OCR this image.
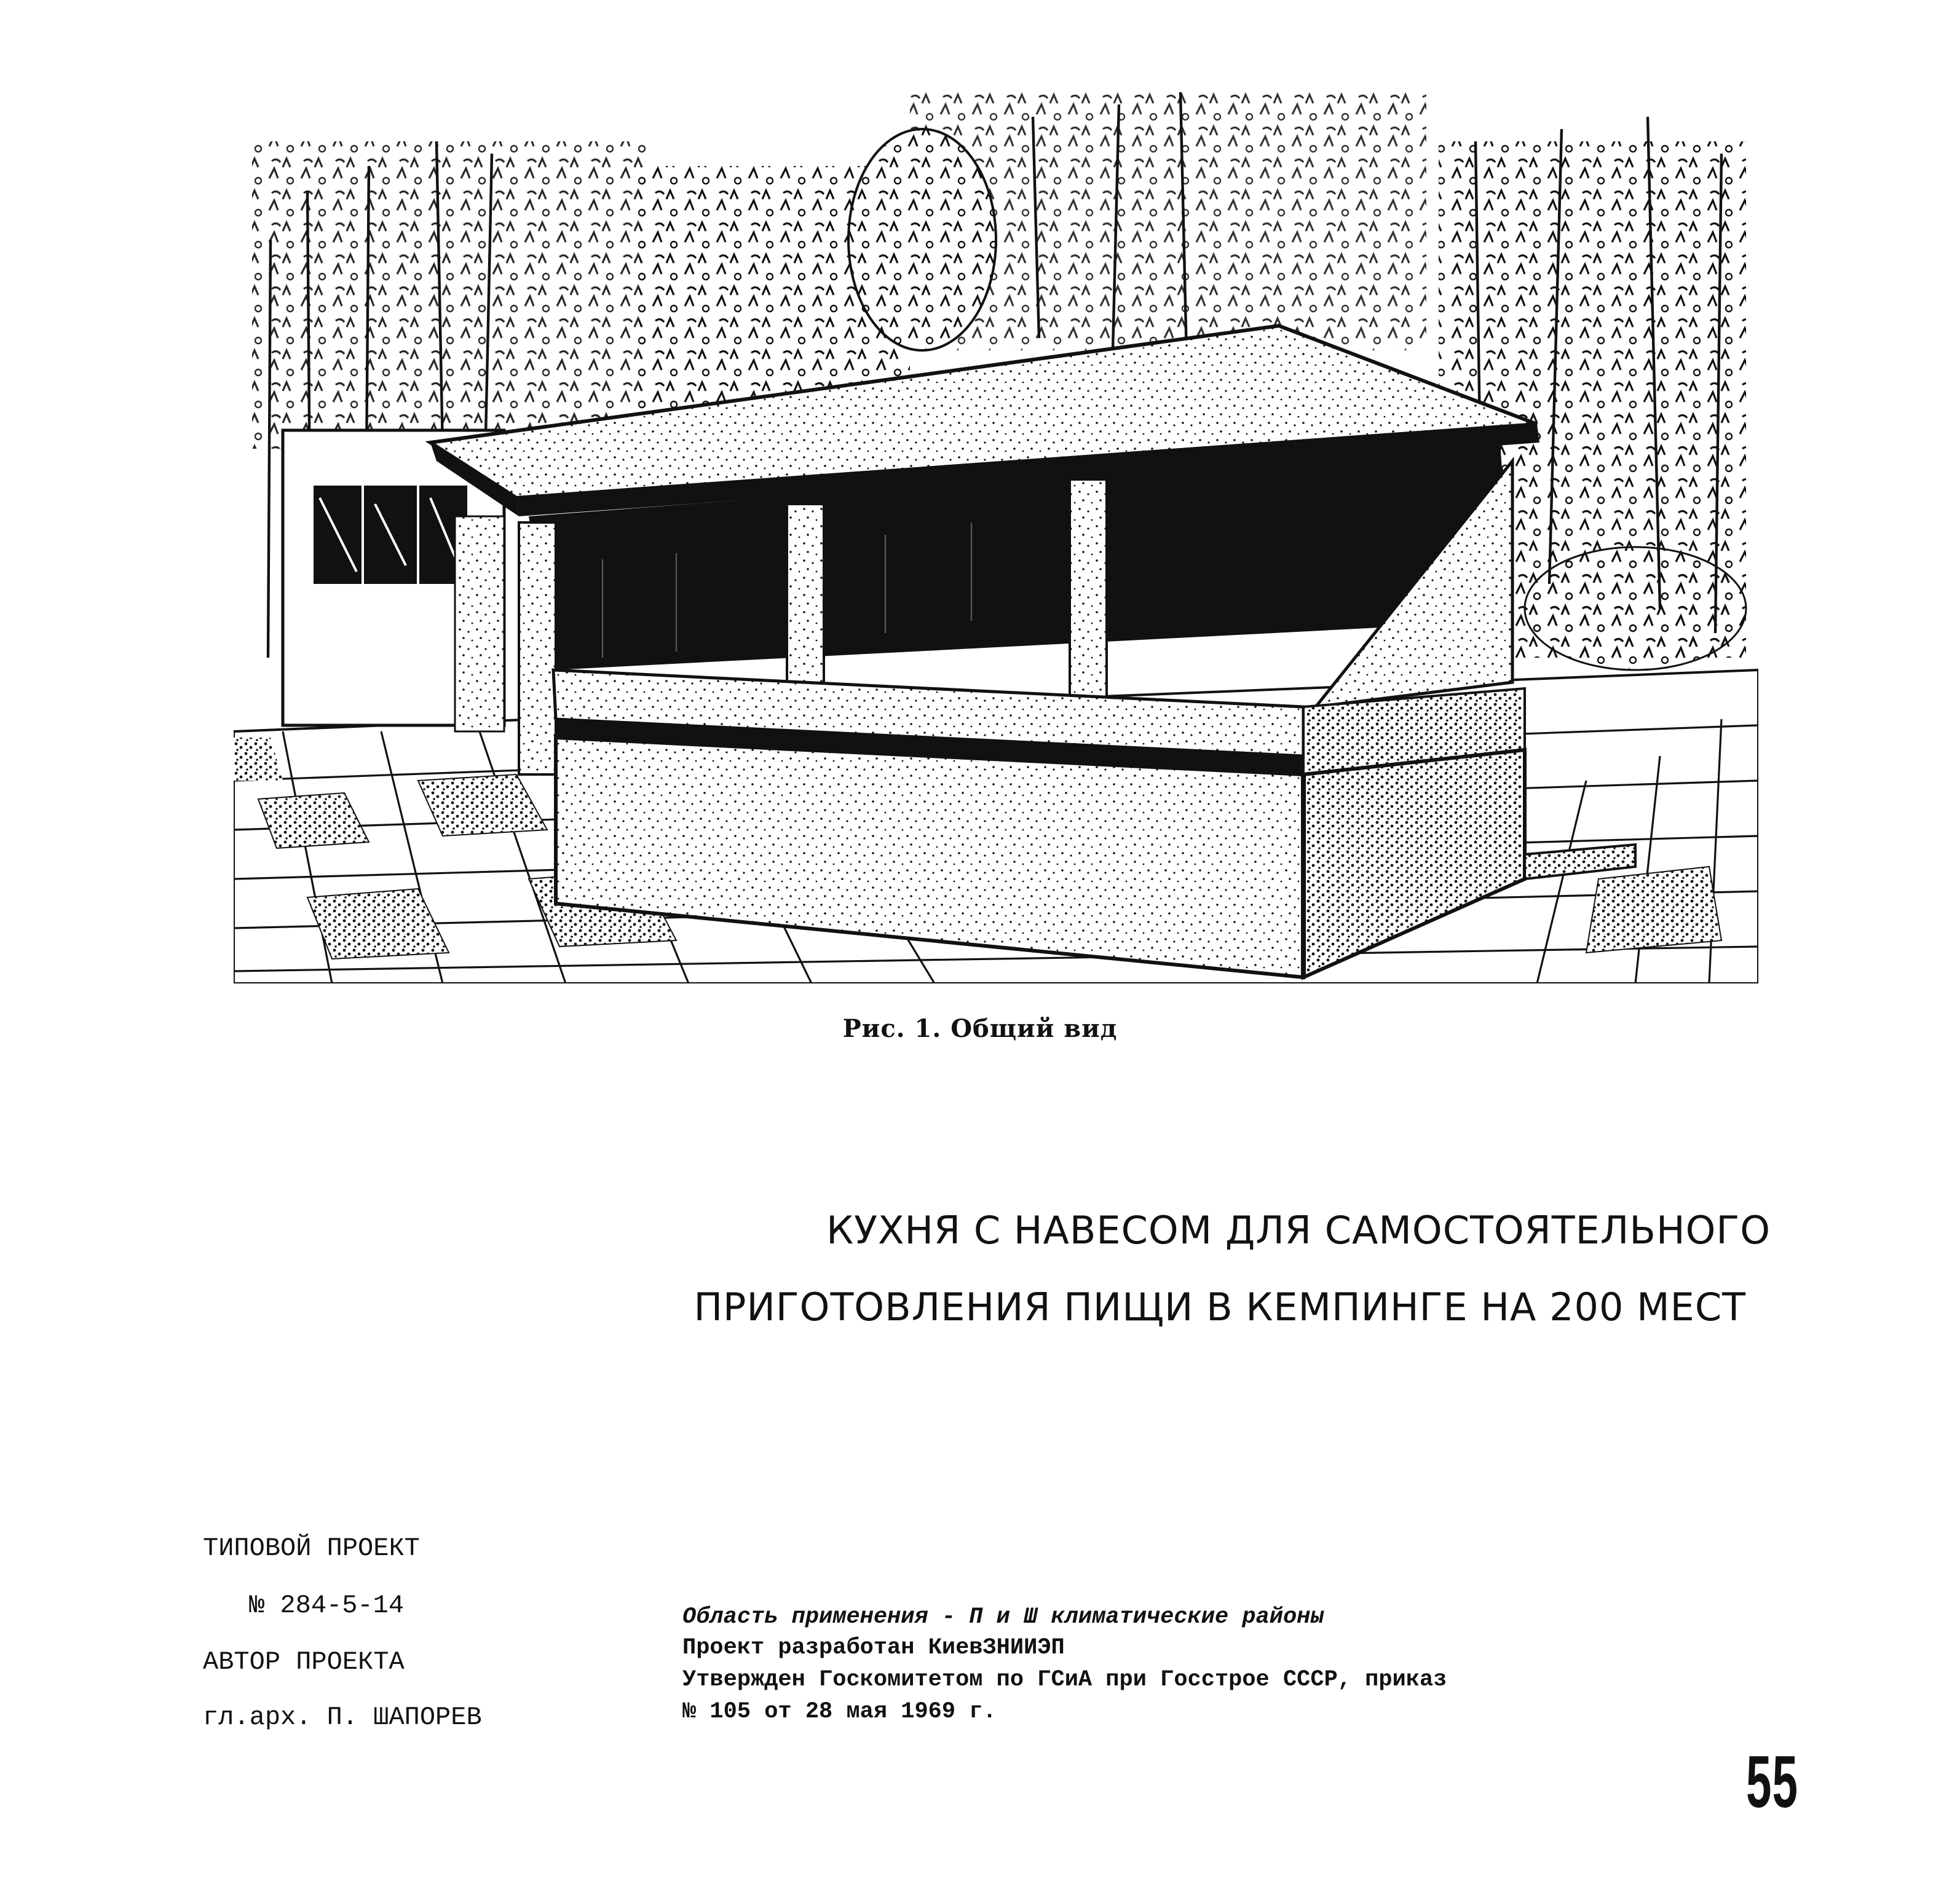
Рис. 1. Общий вид
КУХНЯ С НАВЕСОМ ДЛЯ САМОСТОЯТЕЛЬНОГО
ПРИГОТОВЛЕНИЯ ПИЩИ В КЕМПИНГЕ НА 200 МЕСТ
ТИПОВОЙ ПРОЕКТ
№ 284-5-14
АВТОР ПРОЕКТА
гл.арх. П. ШАПОРЕВ
Область применения - П и Ш климатические районы
Проект разработан КиевЗНИИЭП
Утвержден Госкомитетом по ГСиА при Госстрое СССР, приказ
№ 105 от 28 мая 1969 г.
55
